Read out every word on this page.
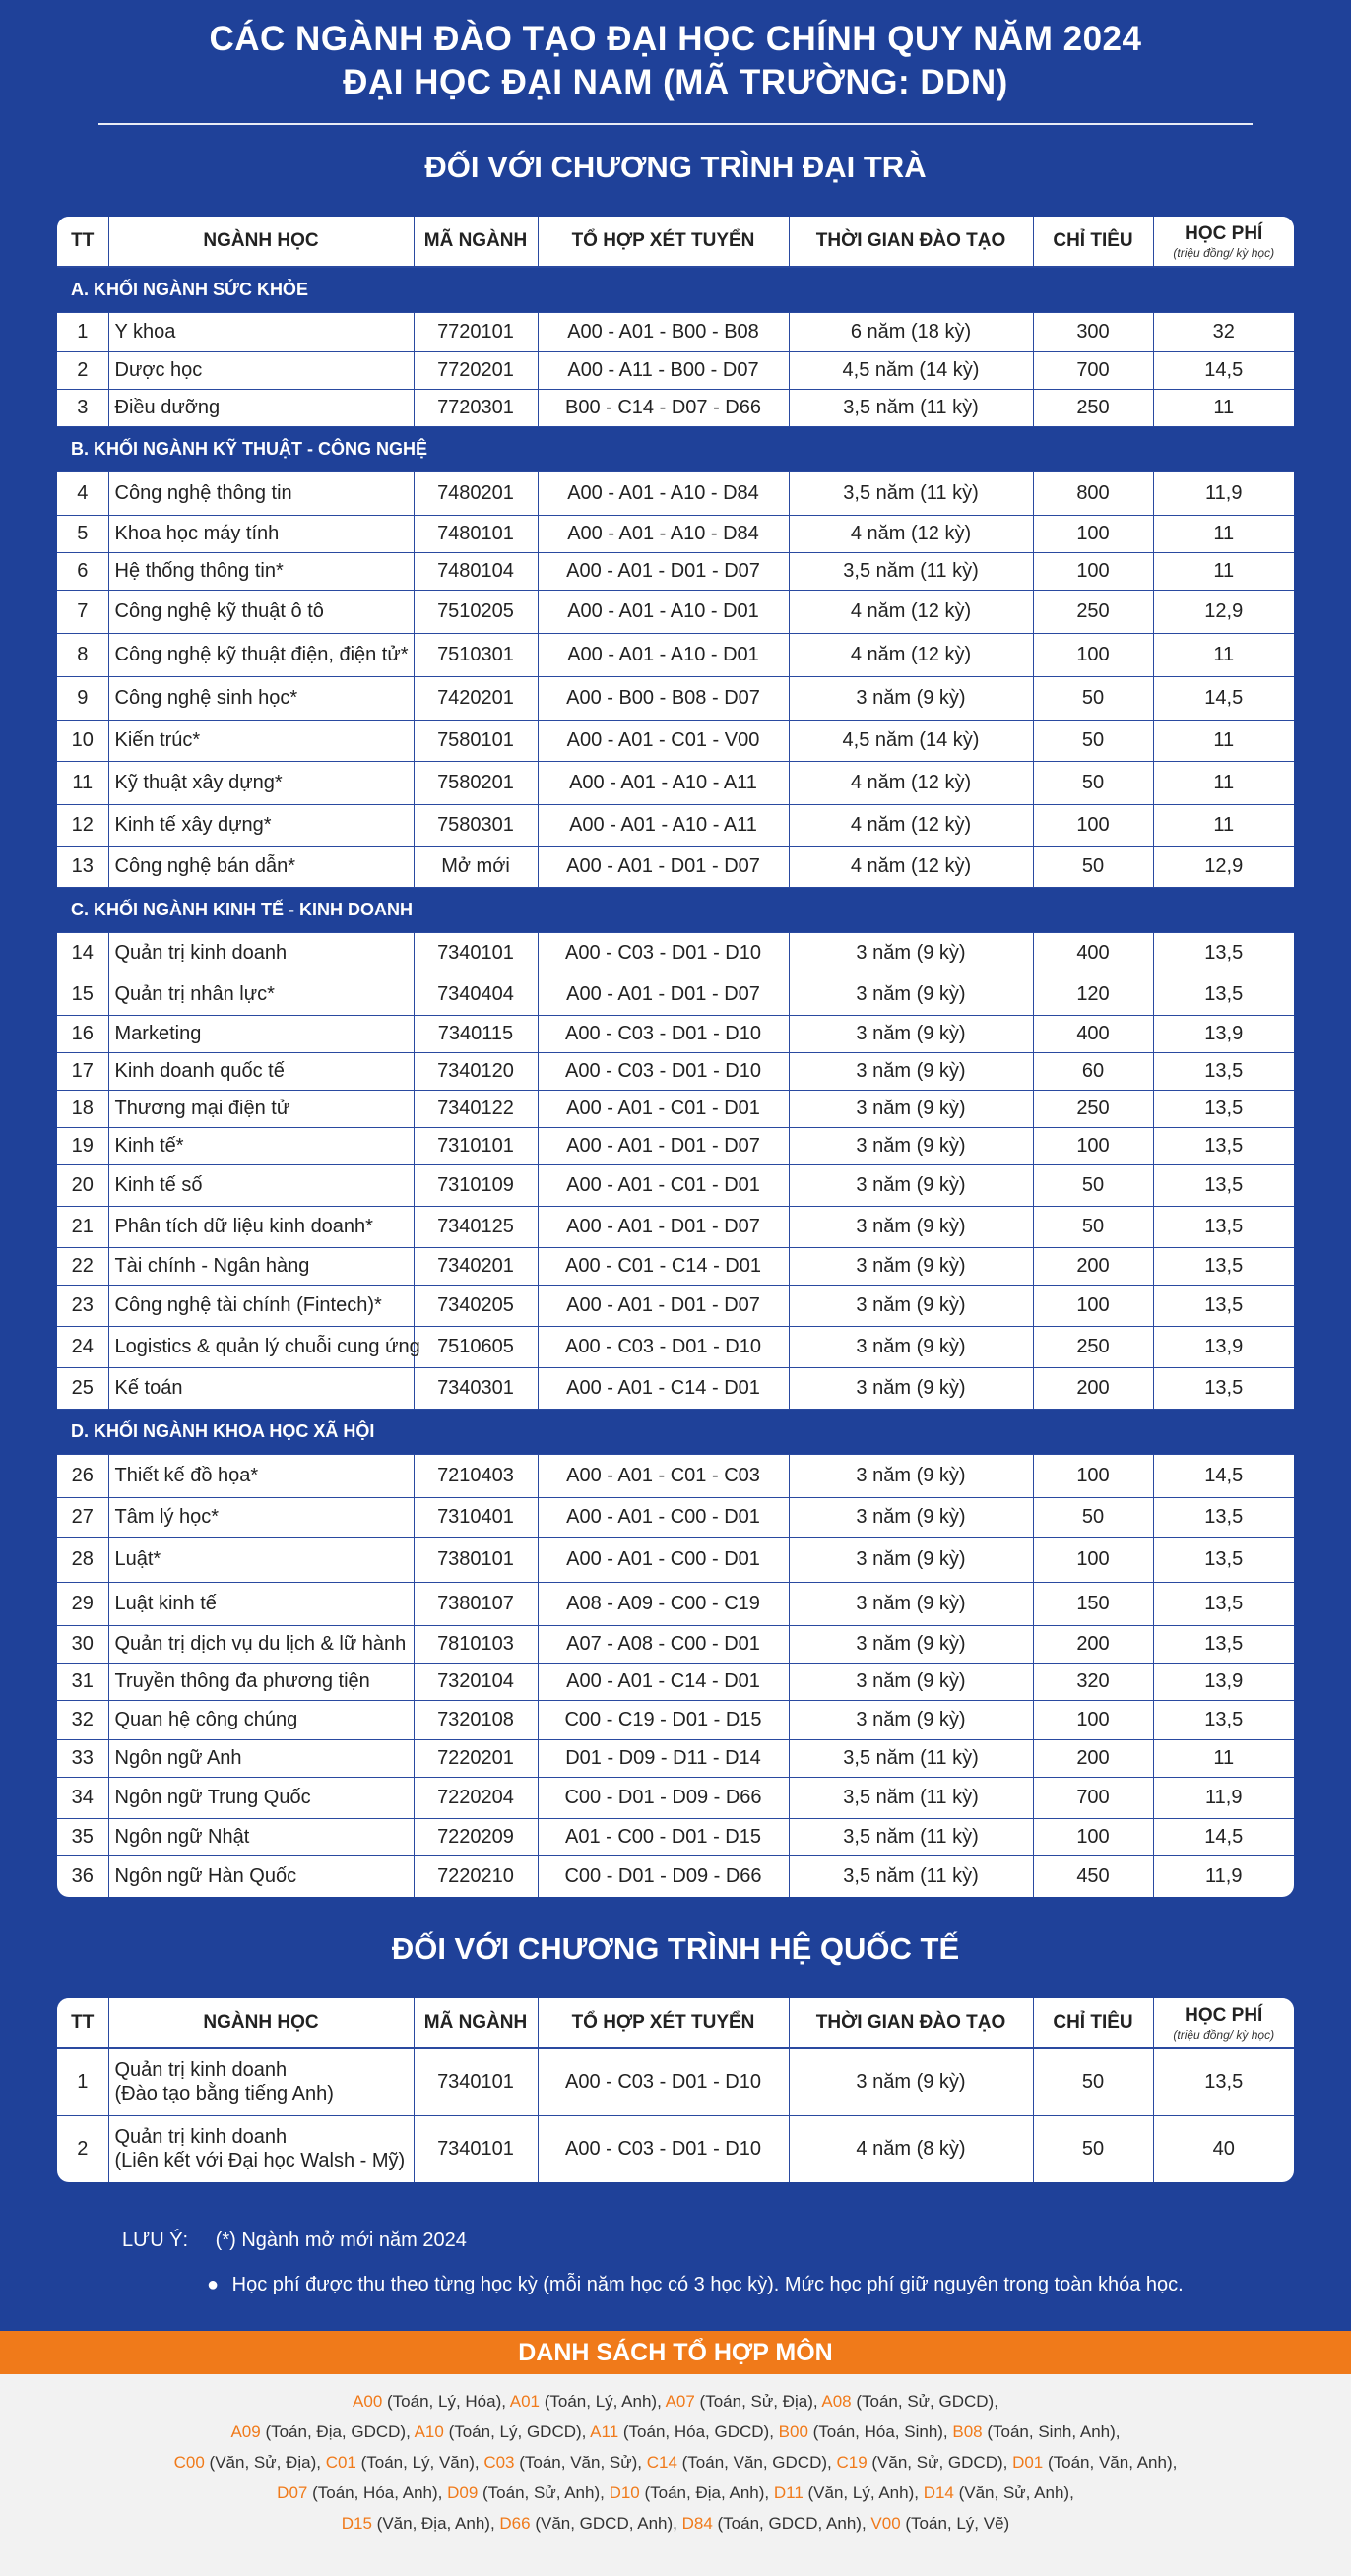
CÁC NGÀNH ĐÀO TẠO ĐẠI HỌC CHÍNH QUY NĂM 2024
ĐẠI HỌC ĐẠI NAM (MÃ TRƯỜNG: DDN)
ĐỐI VỚI CHƯƠNG TRÌNH ĐẠI TRÀ
TT	NGÀNH HỌC	MÃ NGÀNH	TỔ HỢP XÉT TUYỂN	THỜI GIAN ĐÀO TẠO	CHỈ TIÊU	HỌC PHÍ
(triệu đồng/ kỳ học)

A. KHỐI NGÀNH SỨC KHỎE						
1	Y khoa	7720101	A00 - A01 - B00 - B08	6 năm (18 kỳ)	300	32
2	Dược học	7720201	A00 - A11 - B00 - D07	4,5 năm (14 kỳ)	700	14,5
3	Điều dưỡng	7720301	B00 - C14 - D07 - D66	3,5 năm (11 kỳ)	250	11
B. KHỐI NGÀNH KỸ THUẬT - CÔNG NGHỆ						
4	Công nghệ thông tin	7480201	A00 - A01 - A10 - D84	3,5 năm (11 kỳ)	800	11,9
5	Khoa học máy tính	7480101	A00 - A01 - A10 - D84	4 năm (12 kỳ)	100	11
6	Hệ thống thông tin*	7480104	A00 - A01 - D01 - D07	3,5 năm (11 kỳ)	100	11
7	Công nghệ kỹ thuật ô tô	7510205	A00 - A01 - A10 - D01	4 năm (12 kỳ)	250	12,9
8	Công nghệ kỹ thuật điện, điện tử*	7510301	A00 - A01 - A10 - D01	4 năm (12 kỳ)	100	11
9	Công nghệ sinh học*	7420201	A00 - B00 - B08 - D07	3 năm (9 kỳ)	50	14,5
10	Kiến trúc*	7580101	A00 - A01 - C01 - V00	4,5 năm (14 kỳ)	50	11
11	Kỹ thuật xây dựng*	7580201	A00 - A01 - A10 - A11	4 năm (12 kỳ)	50	11
12	Kinh tế xây dựng*	7580301	A00 - A01 - A10 - A11	4 năm (12 kỳ)	100	11
13	Công nghệ bán dẫn*	Mở mới	A00 - A01 - D01 - D07	4 năm (12 kỳ)	50	12,9
C. KHỐI NGÀNH KINH TẾ - KINH DOANH						
14	Quản trị kinh doanh	7340101	A00 - C03 - D01 - D10	3 năm (9 kỳ)	400	13,5
15	Quản trị nhân lực*	7340404	A00 - A01 - D01 - D07	3 năm (9 kỳ)	120	13,5
16	Marketing	7340115	A00 - C03 - D01 - D10	3 năm (9 kỳ)	400	13,9
17	Kinh doanh quốc tế	7340120	A00 - C03 - D01 - D10	3 năm (9 kỳ)	60	13,5
18	Thương mại điện tử	7340122	A00 - A01 - C01 - D01	3 năm (9 kỳ)	250	13,5
19	Kinh tế*	7310101	A00 - A01 - D01 - D07	3 năm (9 kỳ)	100	13,5
20	Kinh tế số	7310109	A00 - A01 - C01 - D01	3 năm (9 kỳ)	50	13,5
21	Phân tích dữ liệu kinh doanh*	7340125	A00 - A01 - D01 - D07	3 năm (9 kỳ)	50	13,5
22	Tài chính - Ngân hàng	7340201	A00 - C01 - C14 - D01	3 năm (9 kỳ)	200	13,5
23	Công nghệ tài chính (Fintech)*	7340205	A00 - A01 - D01 - D07	3 năm (9 kỳ)	100	13,5
24	Logistics & quản lý chuỗi cung ứng	7510605	A00 - C03 - D01 - D10	3 năm (9 kỳ)	250	13,9
25	Kế toán	7340301	A00 - A01 - C14 - D01	3 năm (9 kỳ)	200	13,5
D. KHỐI NGÀNH KHOA HỌC XÃ HỘI						
26	Thiết kế đồ họa*	7210403	A00 - A01 - C01 - C03	3 năm (9 kỳ)	100	14,5
27	Tâm lý học*	7310401	A00 - A01 - C00 - D01	3 năm (9 kỳ)	50	13,5
28	Luật*	7380101	A00 - A01 - C00 - D01	3 năm (9 kỳ)	100	13,5
29	Luật kinh tế	7380107	A08 - A09 - C00 - C19	3 năm (9 kỳ)	150	13,5
30	Quản trị dịch vụ du lịch & lữ hành	7810103	A07 - A08 - C00 - D01	3 năm (9 kỳ)	200	13,5
31	Truyền thông đa phương tiện	7320104	A00 - A01 - C14 - D01	3 năm (9 kỳ)	320	13,9
32	Quan hệ công chúng	7320108	C00 - C19 - D01 - D15	3 năm (9 kỳ)	100	13,5
33	Ngôn ngữ Anh	7220201	D01 - D09 - D11 - D14	3,5 năm (11 kỳ)	200	11
34	Ngôn ngữ Trung Quốc	7220204	C00 - D01 - D09 - D66	3,5 năm (11 kỳ)	700	11,9
35	Ngôn ngữ Nhật	7220209	A01 - C00 - D01 - D15	3,5 năm (11 kỳ)	100	14,5
36	Ngôn ngữ Hàn Quốc	7220210	C00 - D01 - D09 - D66	3,5 năm (11 kỳ)	450	11,9
ĐỐI VỚI CHƯƠNG TRÌNH HỆ QUỐC TẾ
TT	NGÀNH HỌC	MÃ NGÀNH	TỔ HỢP XÉT TUYỂN	THỜI GIAN ĐÀO TẠO	CHỈ TIÊU	HỌC PHÍ
(triệu đồng/ kỳ học)

1	Quản trị kinh doanh
(Đào tạo bằng tiếng Anh)	7340101	A00 - C03 - D01 - D10	3 năm (9 kỳ)	50	13,5
2	Quản trị kinh doanh
(Liên kết với Đại học Walsh - Mỹ)	7340101	A00 - C03 - D01 - D10	4 năm (8 kỳ)	50	40
LƯU Ý: (*) Ngành mở mới năm 2024
● Học phí được thu theo từng học kỳ (mỗi năm học có 3 học kỳ). Mức học phí giữ nguyên trong toàn khóa học.
DANH SÁCH TỔ HỢP MÔN
A00 (Toán, Lý, Hóa), A01 (Toán, Lý, Anh), A07 (Toán, Sử, Địa), A08 (Toán, Sử, GDCD),
A09 (Toán, Địa, GDCD), A10 (Toán, Lý, GDCD), A11 (Toán, Hóa, GDCD), B00 (Toán, Hóa, Sinh), B08 (Toán, Sinh, Anh),
C00 (Văn, Sử, Địa), C01 (Toán, Lý, Văn), C03 (Toán, Văn, Sử), C14 (Toán, Văn, GDCD), C19 (Văn, Sử, GDCD), D01 (Toán, Văn, Anh),
D07 (Toán, Hóa, Anh), D09 (Toán, Sử, Anh), D10 (Toán, Địa, Anh), D11 (Văn, Lý, Anh), D14 (Văn, Sử, Anh),
D15 (Văn, Địa, Anh), D66 (Văn, GDCD, Anh), D84 (Toán, GDCD, Anh), V00 (Toán, Lý, Vẽ)
